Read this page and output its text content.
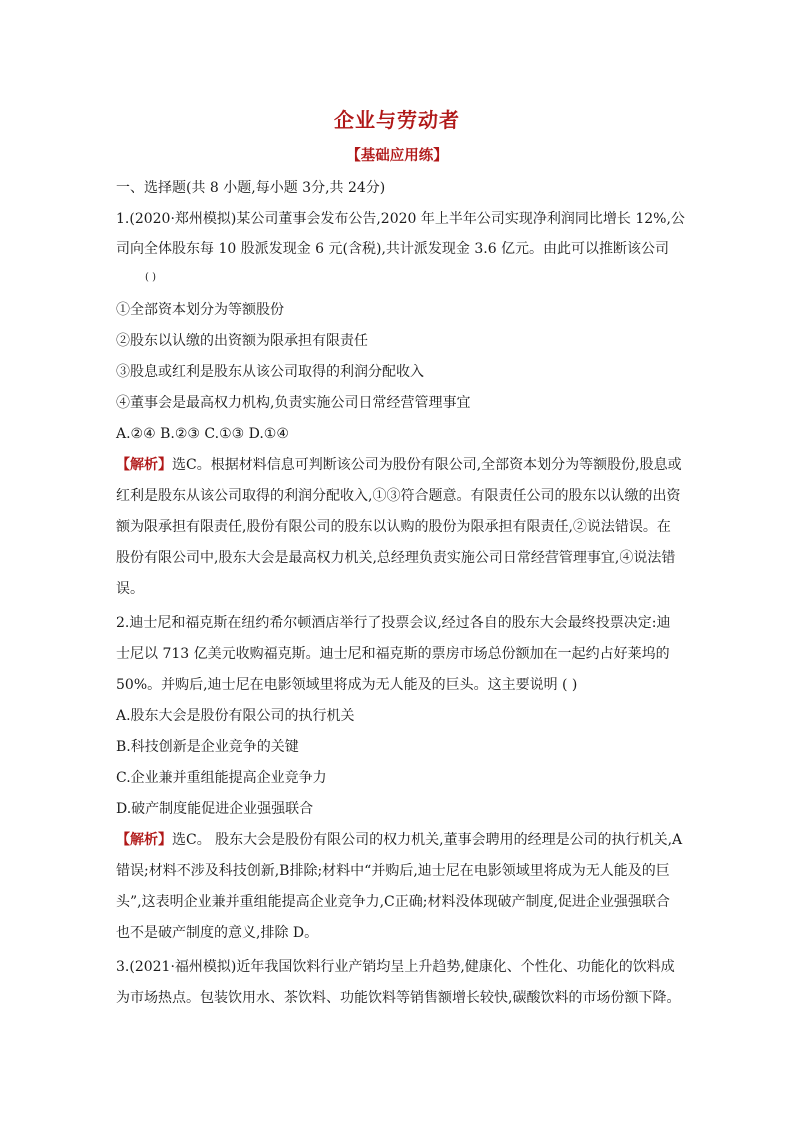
企业与劳动者
【基础应用练】
一、选择题(共 8 小题,每小题 3分,共 24分)
1.(2020·郑州模拟)某公司董事会发布公告,2020 年上半年公司实现净利润同比增长 12%,公
司向全体股东每 10 股派发现金 6 元(含税),共计派发现金 3.6 亿元。由此可以推断该公司
( )
①全部资本划分为等额股份
②股东以认缴的出资额为限承担有限责任
③股息或红利是股东从该公司取得的利润分配收入
④董事会是最高权力机构,负责实施公司日常经营管理事宜
A.②④ B.②③ C.①③ D.①④
【解析】选C。根据材料信息可判断该公司为股份有限公司,全部资本划分为等额股份,股息或
红利是股东从该公司取得的利润分配收入,①③符合题意。有限责任公司的股东以认缴的出资
额为限承担有限责任,股份有限公司的股东以认购的股份为限承担有限责任,②说法错误。在
股份有限公司中,股东大会是最高权力机关,总经理负责实施公司日常经营管理事宜,④说法错
误。
2.迪士尼和福克斯在纽约希尔顿酒店举行了投票会议,经过各自的股东大会最终投票决定:迪
士尼以 713 亿美元收购福克斯。迪士尼和福克斯的票房市场总份额加在一起约占好莱坞的
50%。并购后,迪士尼在电影领域里将成为无人能及的巨头。这主要说明 ( )
A.股东大会是股份有限公司的执行机关
B.科技创新是企业竞争的关键
C.企业兼并重组能提高企业竞争力
D.破产制度能促进企业强强联合
【解析】选C。 股东大会是股份有限公司的权力机关,董事会聘用的经理是公司的执行机关,A
错误;材料不涉及科技创新,B排除;材料中“并购后,迪士尼在电影领域里将成为无人能及的巨
头”,这表明企业兼并重组能提高企业竞争力,C正确;材料没体现破产制度,促进企业强强联合
也不是破产制度的意义,排除 D。
3.(2021·福州模拟)近年我国饮料行业产销均呈上升趋势,健康化、个性化、功能化的饮料成
为市场热点。包装饮用水、茶饮料、功能饮料等销售额增长较快,碳酸饮料的市场份额下降。
